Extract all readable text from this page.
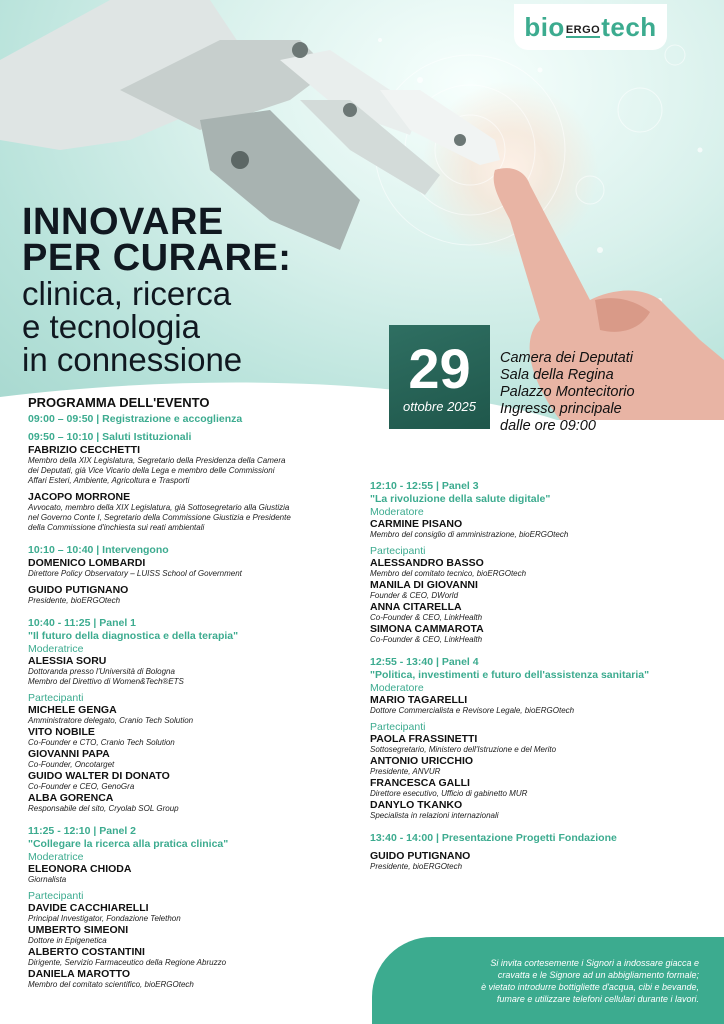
bio ERGO tech
INNOVARE
PER CURARE:
clinica, ricerca
e tecnologia
in connessione	29
ottobre 2025
Camera dei Deputati
Sala della Regina
Palazzo Montecitorio
Ingresso principale
dalle ore 09:00
PROGRAMMA DELL'EVENTO
09:00 – 09:50 | Registrazione e accoglienza
09:50 – 10:10 | Saluti Istituzionali
FABRIZIO CECCHETTI
Membro della XIX Legislatura, Segretario della Presidenza della Camera
dei Deputati, già Vice Vicario della Lega e membro delle Commissioni
Affari Esteri, Ambiente, Agricoltura e Trasporti
JACOPO MORRONE
Avvocato, membro della XIX Legislatura, già Sottosegretario alla Giustizia
nel Governo Conte I, Segretario della Commissione Giustizia e Presidente
della Commissione d'inchiesta sui reati ambientali
10:10 – 10:40 | Intervengono
DOMENICO LOMBARDI
Direttore Policy Observatory – LUISS School of Government
GUIDO PUTIGNANO
Presidente, bioERGOtech
10:40 - 11:25 | Panel 1
"Il futuro della diagnostica e della terapia"
Moderatrice
ALESSIA SORU
Dottoranda presso l'Università di Bologna
Membro del Direttivo di Women&Tech®ETS
Partecipanti
MICHELE GENGA
Amministratore delegato, Cranio Tech Solution
VITO NOBILE
Co-Founder e CTO, Cranio Tech Solution
GIOVANNI PAPA
Co-Founder, Oncotarget
GUIDO WALTER DI DONATO
Co-Founder e CEO, GenoGra
ALBA GORENCA
Responsabile del sito, Cryolab SOL Group
11:25 - 12:10 | Panel 2
"Collegare la ricerca alla pratica clinica"
Moderatrice
ELEONORA CHIODA
Giornalista
Partecipanti
DAVIDE CACCHIARELLI
Principal Investigator, Fondazione Telethon
UMBERTO SIMEONI
Dottore in Epigenetica
ALBERTO COSTANTINI
Dirigente, Servizio Farmaceutico della Regione Abruzzo
DANIELA MAROTTO
Membro del comitato scientifico, bioERGOtech
12:10 - 12:55 | Panel 3
"La rivoluzione della salute digitale"
Moderatore
CARMINE PISANO
Membro del consiglio di amministrazione, bioERGOtech
Partecipanti
ALESSANDRO BASSO
Membro del comitato tecnico, bioERGOtech
MANILA DI GIOVANNI
Founder & CEO, DWorld
ANNA CITARELLA
Co-Founder & CEO, LinkHealth
SIMONA CAMMAROTA
Co-Founder & CEO, LinkHealth
12:55 - 13:40 | Panel 4
"Politica, investimenti e futuro dell'assistenza sanitaria"
Moderatore
MARIO TAGARELLI
Dottore Commercialista e Revisore Legale, bioERGOtech
Partecipanti
PAOLA FRASSINETTI
Sottosegretario, Ministero dell'Istruzione e del Merito
ANTONIO URICCHIO
Presidente, ANVUR
FRANCESCA GALLI
Direttore esecutivo, Ufficio di gabinetto MUR
DANYLO TKANKO
Specialista in relazioni internazionali
13:40 - 14:00 | Presentazione Progetti Fondazione
GUIDO PUTIGNANO
Presidente, bioERGOtech
Si invita cortesemente i Signori a indossare giacca e
cravatta e le Signore ad un abbigliamento formale;
è vietato introdurre bottigliette d'acqua, cibi e bevande,
fumare e utilizzare telefoni cellulari durante i lavori.
